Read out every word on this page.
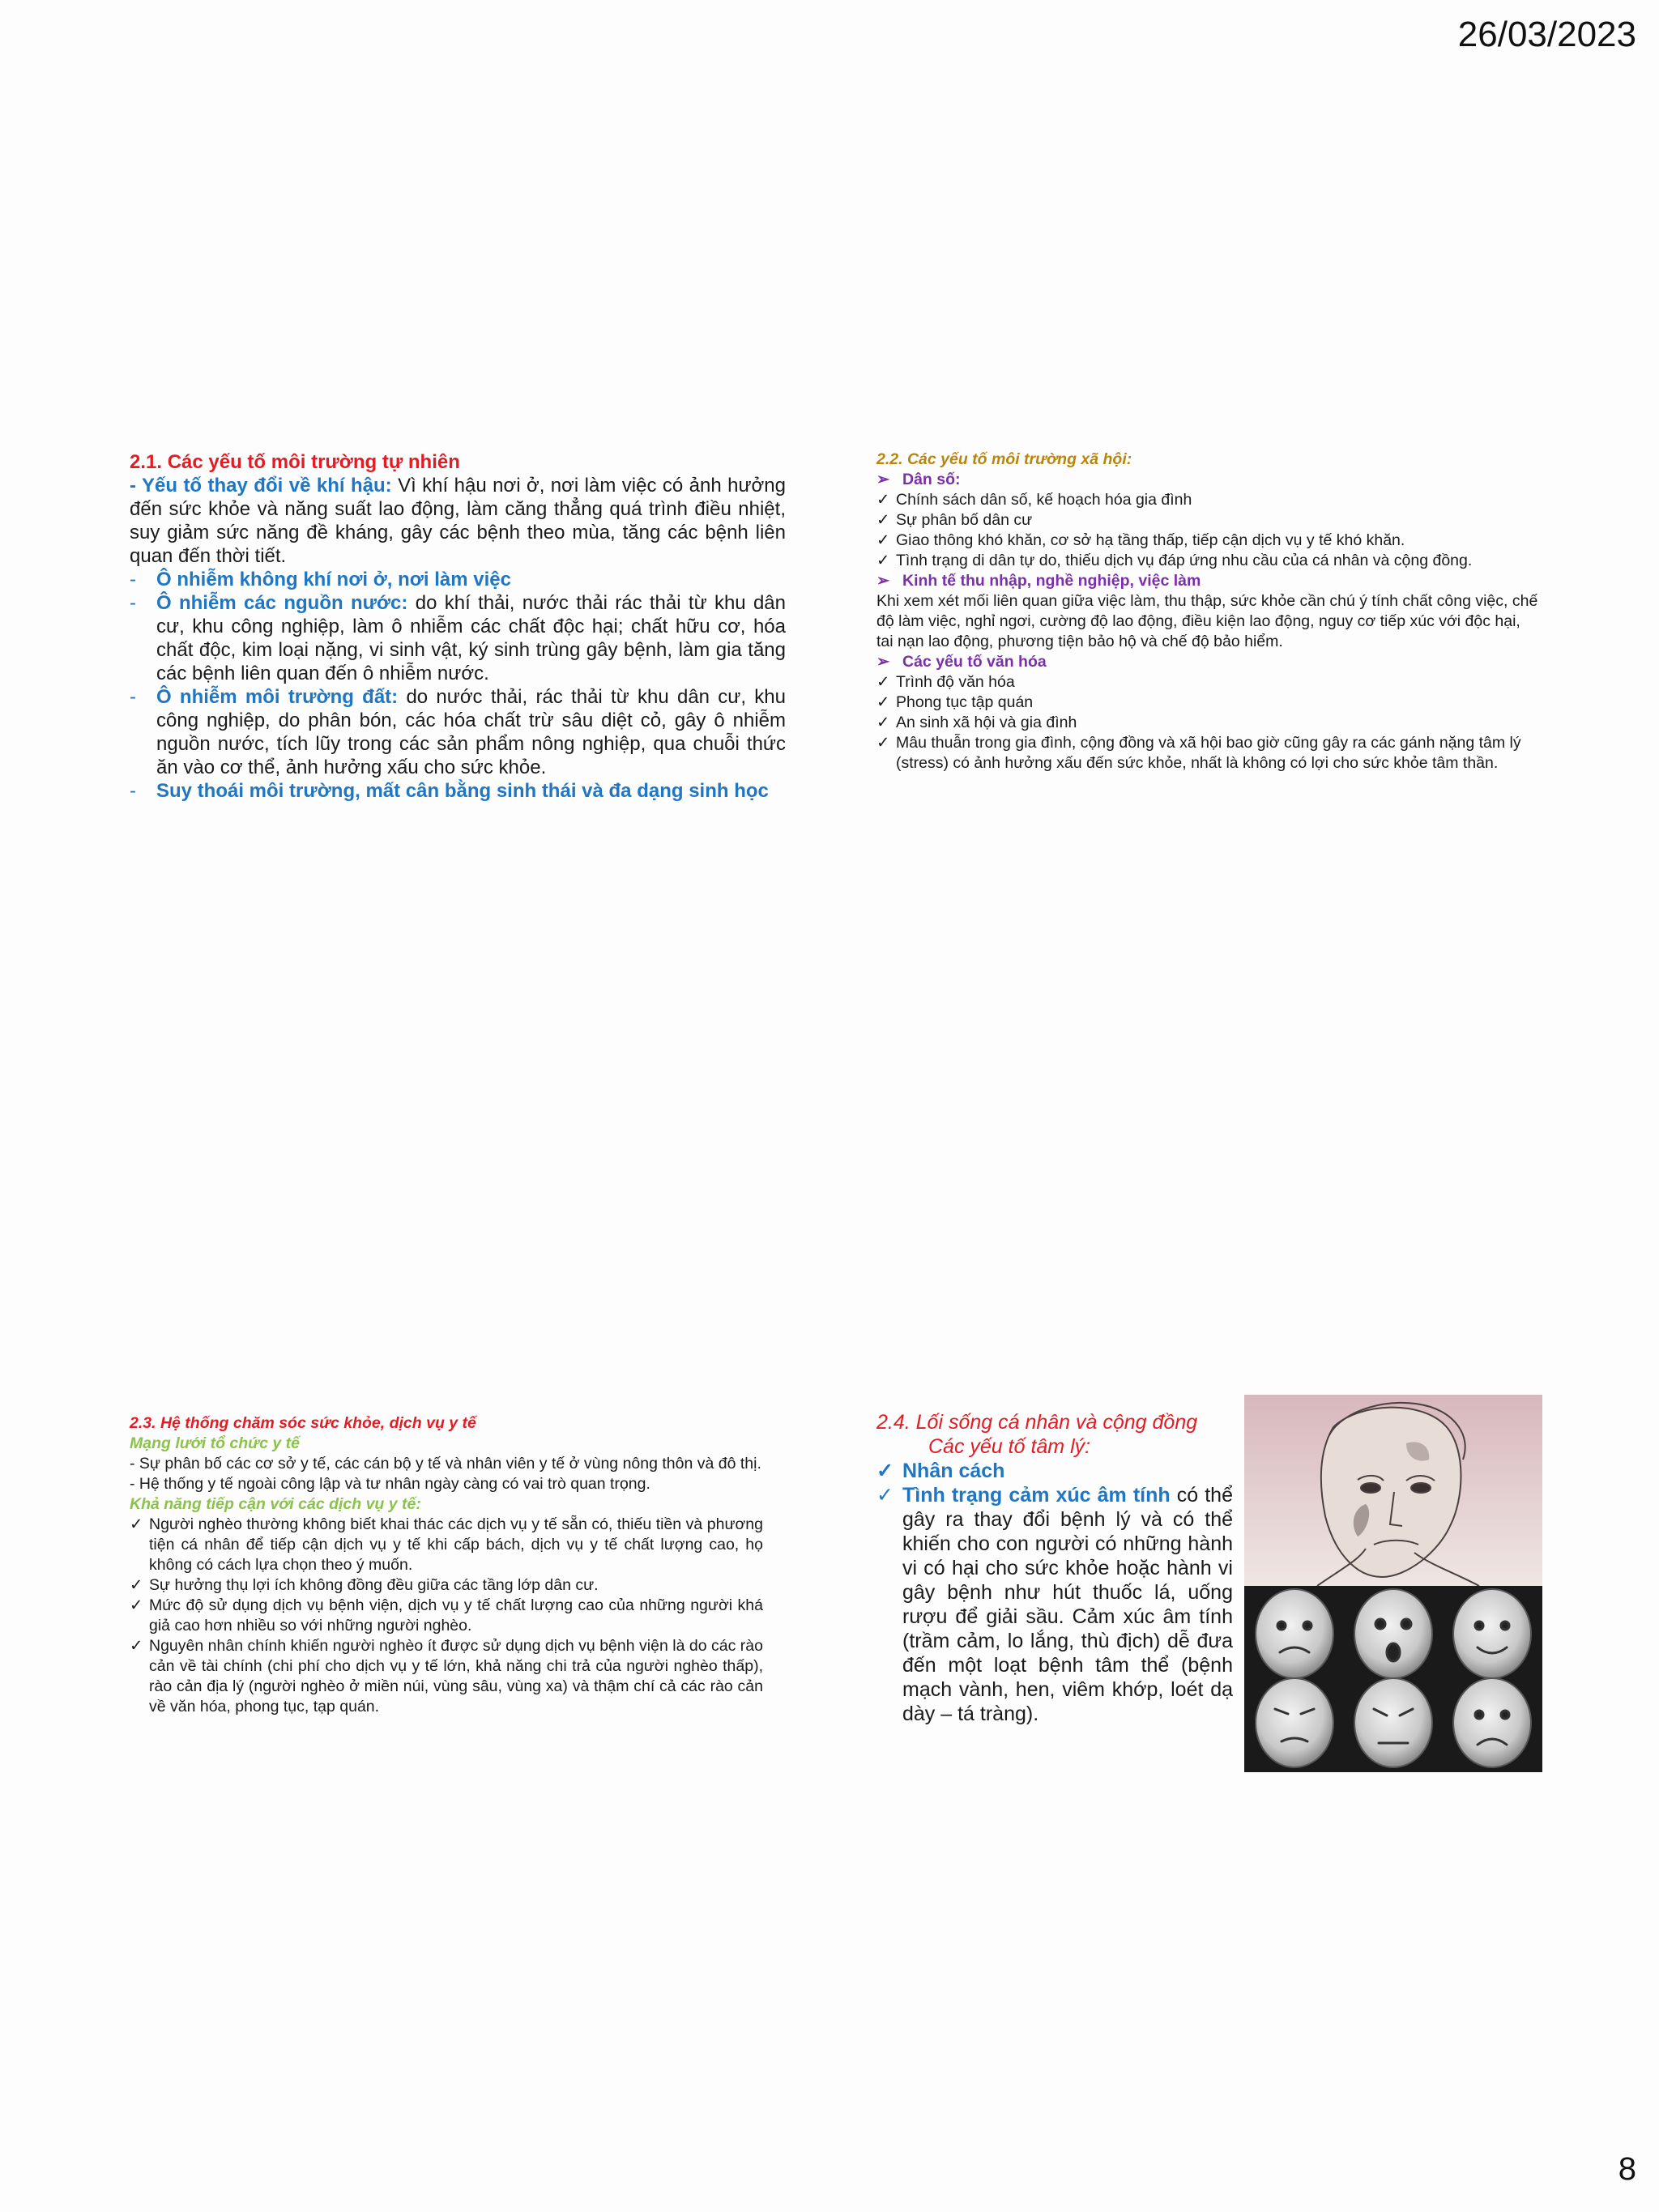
26/03/2023
2.1. Các yếu tố môi trường tự nhiên
- Yếu tố thay đổi về khí hậu: Vì khí hậu nơi ở, nơi làm việc có ảnh hưởng đến sức khỏe và năng suất lao động, làm căng thẳng quá trình điều nhiệt, suy giảm sức năng đề kháng, gây các bệnh theo mùa, tăng các bệnh liên quan đến thời tiết.
- Ô nhiễm không khí nơi ở, nơi làm việc
- Ô nhiễm các nguồn nước: do khí thải, nước thải rác thải từ khu dân cư, khu công nghiệp, làm ô nhiễm các chất độc hại; chất hữu cơ, hóa chất độc, kim loại nặng, vi sinh vật, ký sinh trùng gây bệnh, làm gia tăng các bệnh liên quan đến ô nhiễm nước.
- Ô nhiễm môi trường đất: do nước thải, rác thải từ khu dân cư, khu công nghiệp, do phân bón, các hóa chất trừ sâu diệt cỏ, gây ô nhiễm nguồn nước, tích lũy trong các sản phẩm nông nghiệp, qua chuỗi thức ăn vào cơ thể, ảnh hưởng xấu cho sức khỏe.
- Suy thoái môi trường, mất cân bằng sinh thái và đa dạng sinh học
2.2. Các yếu tố môi trường xã hội:
➢ Dân số:
✓ Chính sách dân số, kế hoạch hóa gia đình
✓ Sự phân bố dân cư
✓ Giao thông khó khăn, cơ sở hạ tầng thấp, tiếp cận dịch vụ y tế khó khăn.
✓ Tình trạng di dân tự do, thiếu dịch vụ đáp ứng nhu cầu của cá nhân và cộng đồng.
➢ Kinh tế thu nhập, nghề nghiệp, việc làm
Khi xem xét mối liên quan giữa việc làm, thu thập, sức khỏe cần chú ý tính chất công việc, chế độ làm việc, nghỉ ngơi, cường độ lao động, điều kiện lao động, nguy cơ tiếp xúc với độc hại, tai nạn lao động, phương tiện bảo hộ và chế độ bảo hiểm.
➢ Các yếu tố văn hóa
✓ Trình độ văn hóa
✓ Phong tục tập quán
✓ An sinh xã hội và gia đình
✓ Mâu thuẫn trong gia đình, cộng đồng và xã hội bao giờ cũng gây ra các gánh nặng tâm lý (stress) có ảnh hưởng xấu đến sức khỏe, nhất là không có lợi cho sức khỏe tâm thần.
2.3. Hệ thống chăm sóc sức khỏe, dịch vụ y tế
Mạng lưới tổ chức y tế
- Sự phân bố các cơ sở y tế, các cán bộ y tế và nhân viên y tế ở vùng nông thôn và đô thị.
- Hệ thống y tế ngoài công lập và tư nhân ngày càng có vai trò quan trọng.
Khả năng tiếp cận với các dịch vụ y tế:
✓ Người nghèo thường không biết khai thác các dịch vụ y tế sẵn có, thiếu tiền và phương tiện cá nhân để tiếp cận dịch vụ y tế khi cấp bách, dịch vụ y tế chất lượng cao, họ không có cách lựa chọn theo ý muốn.
✓ Sự hưởng thụ lợi ích không đồng đều giữa các tầng lớp dân cư.
✓ Mức độ sử dụng dịch vụ bệnh viện, dịch vụ y tế chất lượng cao của những người khá giả cao hơn nhiều so với những người nghèo.
✓ Nguyên nhân chính khiến người nghèo ít được sử dụng dịch vụ bệnh viện là do các rào cản về tài chính (chi phí cho dịch vụ y tế lớn, khả năng chi trả của người nghèo thấp), rào cản địa lý (người nghèo ở miền núi, vùng sâu, vùng xa) và thậm chí cả các rào cản về văn hóa, phong tục, tạp quán.
2.4. Lối sống cá nhân và cộng đồng
Các yếu tố tâm lý:
✓ Nhân cách
✓ Tình trạng cảm xúc âm tính có thể gây ra thay đổi bệnh lý và có thể khiến cho con người có những hành vi có hại cho sức khỏe hoặc hành vi gây bệnh như hút thuốc lá, uống rượu để giải sầu. Cảm xúc âm tính (trầm cảm, lo lắng, thù địch) dễ đưa đến một loạt bệnh tâm thể (bệnh mạch vành, hen, viêm khớp, loét dạ dày – tá tràng).
8
